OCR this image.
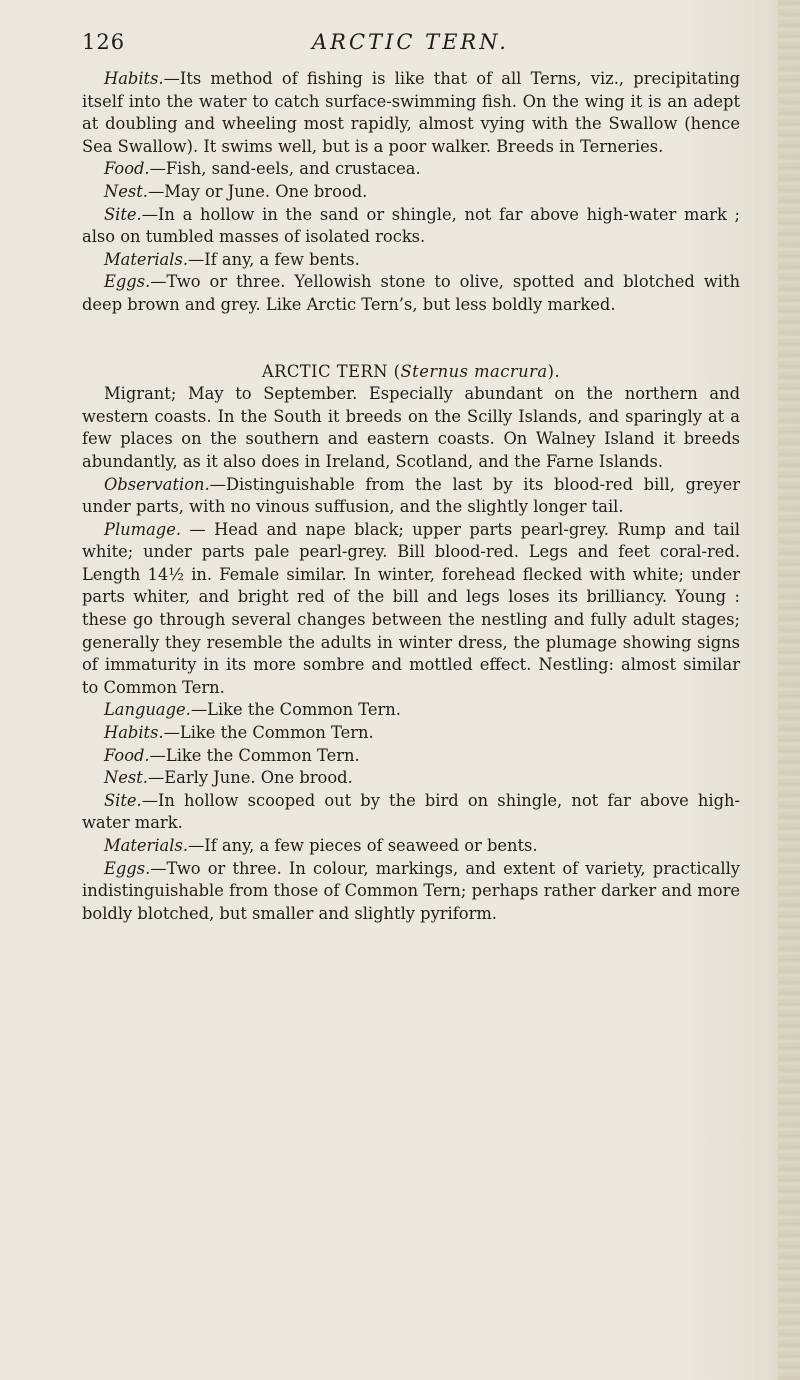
126	ARCTIC TERN.

Habits.—Its method of fishing is like that of all Terns, viz., precipitating itself into the water to catch surface-swimming fish. On the wing it is an adept at doubling and wheeling most rapidly, almost vying with the Swallow (hence Sea Swallow). It swims well, but is a poor walker. Breeds in Terneries.

Food.—Fish, sand-eels, and crustacea.

Nest.—May or June. One brood.

Site.—In a hollow in the sand or shingle, not far above high-water mark ; also on tumbled masses of isolated rocks.

Materials.—If any, a few bents.

Eggs.—Two or three. Yellowish stone to olive, spotted and blotched with deep brown and grey. Like Arctic Tern’s, but less boldly marked.

ARCTIC TERN (Sternus macrura).

Migrant; May to September. Especially abundant on the northern and western coasts. In the South it breeds on the Scilly Islands, and sparingly at a few places on the southern and eastern coasts. On Walney Island it breeds abundantly, as it also does in Ireland, Scotland, and the Farne Islands.

Observation.—Distinguishable from the last by its blood-red bill, greyer under parts, with no vinous suffusion, and the slightly longer tail.

Plumage. — Head and nape black; upper parts pearl-grey. Rump and tail white; under parts pale pearl-grey. Bill blood-red. Legs and feet coral-red. Length 14½ in. Female similar. In winter, forehead flecked with white; under parts whiter, and bright red of the bill and legs loses its brilliancy. Young : these go through several changes between the nestling and fully adult stages; generally they resemble the adults in winter dress, the plumage showing signs of immaturity in its more sombre and mottled effect. Nestling: almost similar to Common Tern.

Language.—Like the Common Tern.

Habits.—Like the Common Tern.

Food.—Like the Common Tern.

Nest.—Early June. One brood.

Site.—In hollow scooped out by the bird on shingle, not far above high-water mark.

Materials.—If any, a few pieces of seaweed or bents.

Eggs.—Two or three. In colour, markings, and extent of variety, practically indistinguishable from those of Common Tern; perhaps rather darker and more boldly blotched, but smaller and slightly pyriform.
